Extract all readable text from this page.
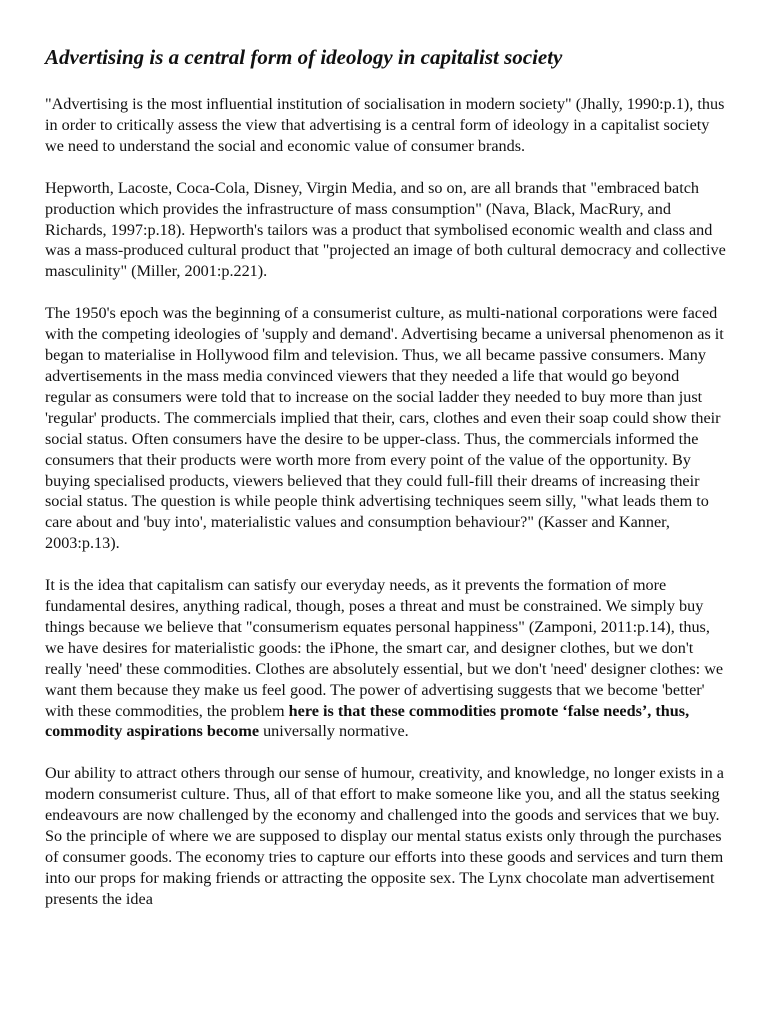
Advertising is a central form of ideology in capitalist society

"Advertising is the most influential institution of socialisation in modern society" (Jhally, 1990:p.1), thus in order to critically assess the view that advertising is a central form of ideology in a capitalist society we need to understand the social and economic value of consumer brands.

Hepworth, Lacoste, Coca-Cola, Disney, Virgin Media, and so on, are all brands that "embraced batch production which provides the infrastructure of mass consumption" (Nava, Black, MacRury, and Richards, 1997:p.18). Hepworth's tailors was a product that symbolised economic wealth and class and was a mass-produced cultural product that "projected an image of both cultural democracy and collective masculinity" (Miller, 2001:p.221).

The 1950's epoch was the beginning of a consumerist culture, as multi-national corporations were faced with the competing ideologies of 'supply and demand'. Advertising became a universal phenomenon as it began to materialise in Hollywood film and television. Thus, we all became passive consumers. Many advertisements in the mass media convinced viewers that they needed a life that would go beyond regular as consumers were told that to increase on the social ladder they needed to buy more than just 'regular' products. The commercials implied that their, cars, clothes and even their soap could show their social status. Often consumers have the desire to be upper-class. Thus, the commercials informed the consumers that their products were worth more from every point of the value of the opportunity. By buying specialised products, viewers believed that they could full-fill their dreams of increasing their social status. The question is while people think advertising techniques seem silly, "what leads them to care about and 'buy into', materialistic values and consumption behaviour?" (Kasser and Kanner, 2003:p.13).

It is the idea that capitalism can satisfy our everyday needs, as it prevents the formation of more fundamental desires, anything radical, though, poses a threat and must be constrained. We simply buy things because we believe that "consumerism equates personal happiness" (Zamponi, 2011:p.14), thus, we have desires for materialistic goods: the iPhone, the smart car, and designer clothes, but we don't really 'need' these commodities. Clothes are absolutely essential, but we don't 'need' designer clothes: we want them because they make us feel good. The power of advertising suggests that we become 'better' with these commodities, the problem here is that these commodities promote ‘false needs’, thus, commodity aspirations become universally normative.

Our ability to attract others through our sense of humour, creativity, and knowledge, no longer exists in a modern consumerist culture. Thus, all of that effort to make someone like you, and all the status seeking endeavours are now challenged by the economy and challenged into the goods and services that we buy. So the principle of where we are supposed to display our mental status exists only through the purchases of consumer goods. The economy tries to capture our efforts into these goods and services and turn them into our props for making friends or attracting the opposite sex. The Lynx chocolate man advertisement presents the idea
